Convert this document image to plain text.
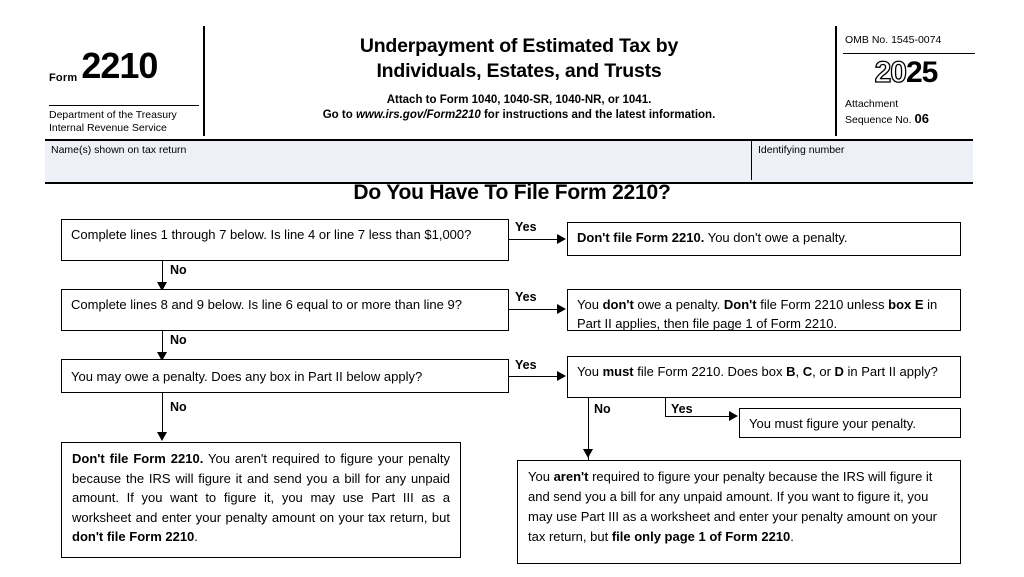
Form 2210
Department of the Treasury
Internal Revenue Service
Underpayment of Estimated Tax by
Individuals, Estates, and Trusts
Attach to Form 1040, 1040-SR, 1040-NR, or 1041.
Go to www.irs.gov/Form2210 for instructions and the latest information.
OMB No. 1545-0074
2025
Attachment
Sequence No. 06
Name(s) shown on tax return	Identifying number
Do You Have To File Form 2210?
Complete lines 1 through 7 below. Is line 4 or line 7 less than $1,000?	Yes
Don't file Form 2210. You don't owe a penalty.
No
Complete lines 8 and 9 below. Is line 6 equal to or more than line 9?	Yes	You don't owe a penalty. Don't file Form 2210 unless box E in Part II applies, then file page 1 of Form 2210.
No
You may owe a penalty. Does any box in Part II below apply?
Yes	You must file Form 2210. Does box B, C, or D in Part II apply?
No	No	Yes
You must figure your penalty.
Don't file Form 2210. You aren't required to figure your penalty because the IRS will figure it and send you a bill for any unpaid amount. If you want to figure it, you may use Part III as a worksheet and enter your penalty amount on your tax return, but don't file Form 2210.
You aren't required to figure your penalty because the IRS will figure it and send you a bill for any unpaid amount. If you want to figure it, you may use Part III as a worksheet and enter your penalty amount on your tax return, but file only page 1 of Form 2210.
